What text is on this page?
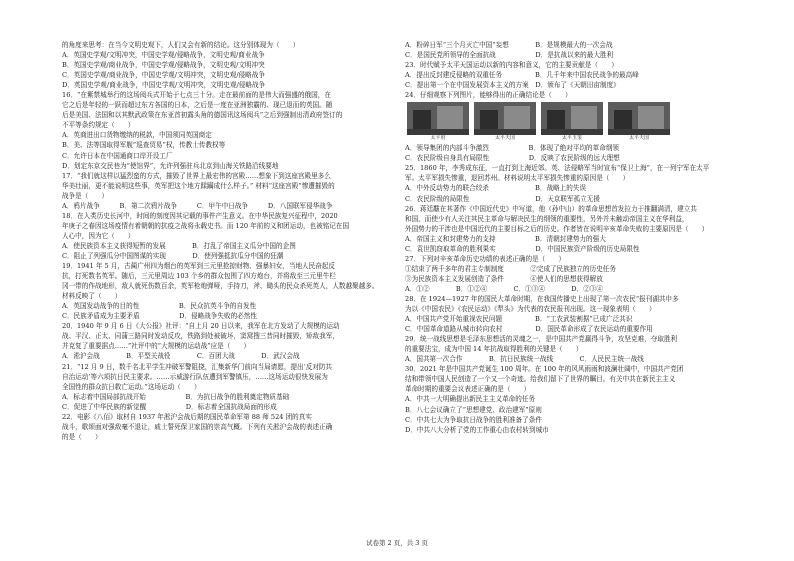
的角度来思考：在当今文明史观下，人们又会有新的结论。这分别体现为（　　）
A．英国史学观/文明冲突，中国史学观/侵略战争，文明史观/商业战争
B．英国史学观/商业战争，中国史学观/侵略战争，文明史观/文明冲突
C．英国史学观/商业战争，中国史学观/文明冲突，文明史观/侵略战争
D．英国史学观/商业战争，中国史学观/文明冲突，文明史观/侵略战争
16．“在紫禁城举行的这场阅兵式开始于七点三十分。走在最前面的是伟大而强盛的俄国，在
它之后是年轻的一跃而超过东方各国的日本，之后是一度在亚洲独霸的、现已退而的英国。随
后是美国、法国和以其默武政策在东亚首初露头角的德国讯这场阅兵”之后到强制出清政府签订的
不平等条约规定（　　）
A．英商进出口货物缴纳的税款，中国须同英国商定
B．美、法等国取得军舰“巡查贸易”权，传教士传教权等
C．允许日本在中国通商口岸开设工厂
D．划定东京交民巷为“使馆界”，允许列强驻兵北京到山海关铁路沿线要地
17．“我们就这样以猛烈蛮的方式，摧毁了世界上最宏伟的宫殿……想象下到这座宫殿里多么
华美壮丽，更不能说明这些事，英军把这个地方蹂躏成什么样子。” 材料“这座宫殿”惨遭摧毁的
战争是（　　）
A．鸦片战争　　　B．第二次鸦片战争　　　C．甲午中日战争　　　D．八国联军侵华战争
18．在人类历史长河中，时间的刻度因其记载的事件产生意义。在中华民族复兴征程中，2020
年庚子之春因这场疫情有着朝朝的抗疫之战将永载史书。而 120 年前的义和团运动，也被铭记在国
人心中，因为它（　　）
A．使民族资本主义获得短暂的发展　　　　B．打乱了帝国主义瓜分中国的企图
C．阻止了列强瓜分中国图谋的实现　　　　D．使列强抵抗瓜分中国的狂潮
19．1941 年 5 月，古蔺广州四为烟台的英军到三元里抢掠财物、强暴妇女，当地人民奋起反
抗，打死数名英军。随后，三元里周边 103 个乡的群众包围了四方炮台，并将敌至三元里牛栏
冈一带的作战地形，敌人就死伤数百余，英军枪炮弹哑，手持刀，斧、锄头的民众杀死英人，人数越聚越多。
材料反映了（　　）
A．英国发动战争的目的性　　　　　　B．民众抗英斗争的自发性
C．民族矛盾成为主要矛盾　　　　　　D．侵略战争失败的必然性
20．1940 年 9 月 6 日《大公报》社评：“自上月 20 日以来，我军在北方发动了大规模的运动
战、平汉、正太、同蒲三路同时发动反攻，铁路到处被破坏，窦窝搜三昔同时摧毁，矫敌我军，
并克复了重要据点……”社评中的“大规模的运动战”应是（　　）
A．淞沪会战　　　　B．平型关战役　　　　C．百团大战　　　　D．武汉会战
21．“12 月 9 日，数千名北平学生冲破军警阻挠，汇集新华门前向当局请愿，提出‘反对防共
自治运动’等六项抗日民主要求。……示威游行队伍遭到军警镇压，……这场运动很快发展为
全国性的群众抗日救亡运动。”这场运动（　　）
A．标志着中国局部抗战开始　　　　　　B．为抗日战争的胜利奠定物质基础
C．促进了中华民族的新觉醒　　　　　　D．标志着全国抗战局面的形成
22．电影《八佰》取材自 1937 年淞沪会战后期的国民革命军第 88 师 524 团的真实
战斗，歌颂面对强敌毫不退让，戚士誓死保卫家国的崇高气概。下列有关淞沪会战的表述正确
的是（　　）
A．粉碎日军“三个月灭亡中国”妄想　　　　B．是规模最大的一次会战
C．是国民党所领导的全面抗战　　　　　　D．是抗战以来的最大胜利
23．时代赋予太平天国运动以新的内容和意义，它的主要贡献是（　　）
A．提出反封建反侵略的双重任务　　　　　B．几千年来中国农民战争的最高峰
C．提出第一个在中国发展资本主义的方案　D．颁布了《天朝田亩制度》
24．仔细观察下列图片，能够得出的正确结论是（　　）
太平府	太平天国	太平玉玺	太平天国
A．领导集团的内部斗争激烈　　　　　　B．体现了绝对平均的革命纲领
C．农民阶级自身具有局限性　　　　　　D．反映了农民阶级的远大理想
25．1860 年，李秀成东征，一直打到上海近郊。英、法侵略军当时宣布“保卫上海”，在一列宁军在太平
军。太平军损失惨重，退回苏州。材料说明太平军损失惨重的原因是（　　）
A．中外反动势力的联合绞杀　　　　　　　B．战略上的失误
C．农民阶级的局限性　　　　　　　　　　D．天京联军孤立无援
26．蒋廷黻在其著作《中国近代史》中写道，他（孙中山）的革命思想首发拉力于推翻满清，建立共
和国，而使少有人关注其民主革命与解决民生的纲领的重要性，另外并未触动帝国主义在华利益，
外国势力的干涉也是中国近代的主要目标之后的历史。作者皆在说明辛亥革命失败的主要原因是（　　）
A．帝国主义和封建势力的支持　　　　　　B．清朝封建势力的强大
C．袁世凯窃取革命的胜利果实　　　　　　D．中国民族资产阶级的历史局限性
27．下列对辛亥革命历史功绩的表述正确的是（　　）
①结束了两千多年的君主专制制度　　　　②完成了民族独立的历史任务
③为民族资本主义发展创造了条件　　　　④使人们的思想获得解放
A．①②　　　　B．①②④　　　　C．①③④　　　　D．②③④
28．在 1924—1927 年的国民大革命时期，在我国传播史上出现了第一次农民“报刊湖共申多
为以《中国农民》《农民运动》《犁头》为代表的农民报刊出现。这一现象表明（　　）
A．中国共产党开始重视农民问题　　　　　B．“工农武装割据”已成广泛共识
C．中国革命道路从城市转向农村　　　　　D．国民革命形成了农民运动的重要作用
29．统一战线思想是毛泽东思想活的灵魂之一，是中国共产党赢得斗争，攻坚克难，夺取胜利
的重要法宝，成为中国 14 年抗战取得胜利的关键是（　　）
A．国共第一次合作　　　　B．抗日民族统一战线　　　　C．人民民主统一战线
30．2021 年是中国共产党诞生 100 周年。在 100 年的风风雨雨和波澜壮阔中，中国共产党团
结和带领中国人民创造了一个又一个奇迹。给我们留下了世界的瞩目。有关中共在新民主主义
革命时期的重要会议表述正确的是（　　）
A．中共一大明确提出新民主主义革命的任务
B．八七会议确立了“思想建党、政治建军”原则
C．中共七大为争取抗日战争的胜利准备了条件
D．中共八大分析了党的工作重心由农村转到城市
试卷第 2 页，共 3 页
